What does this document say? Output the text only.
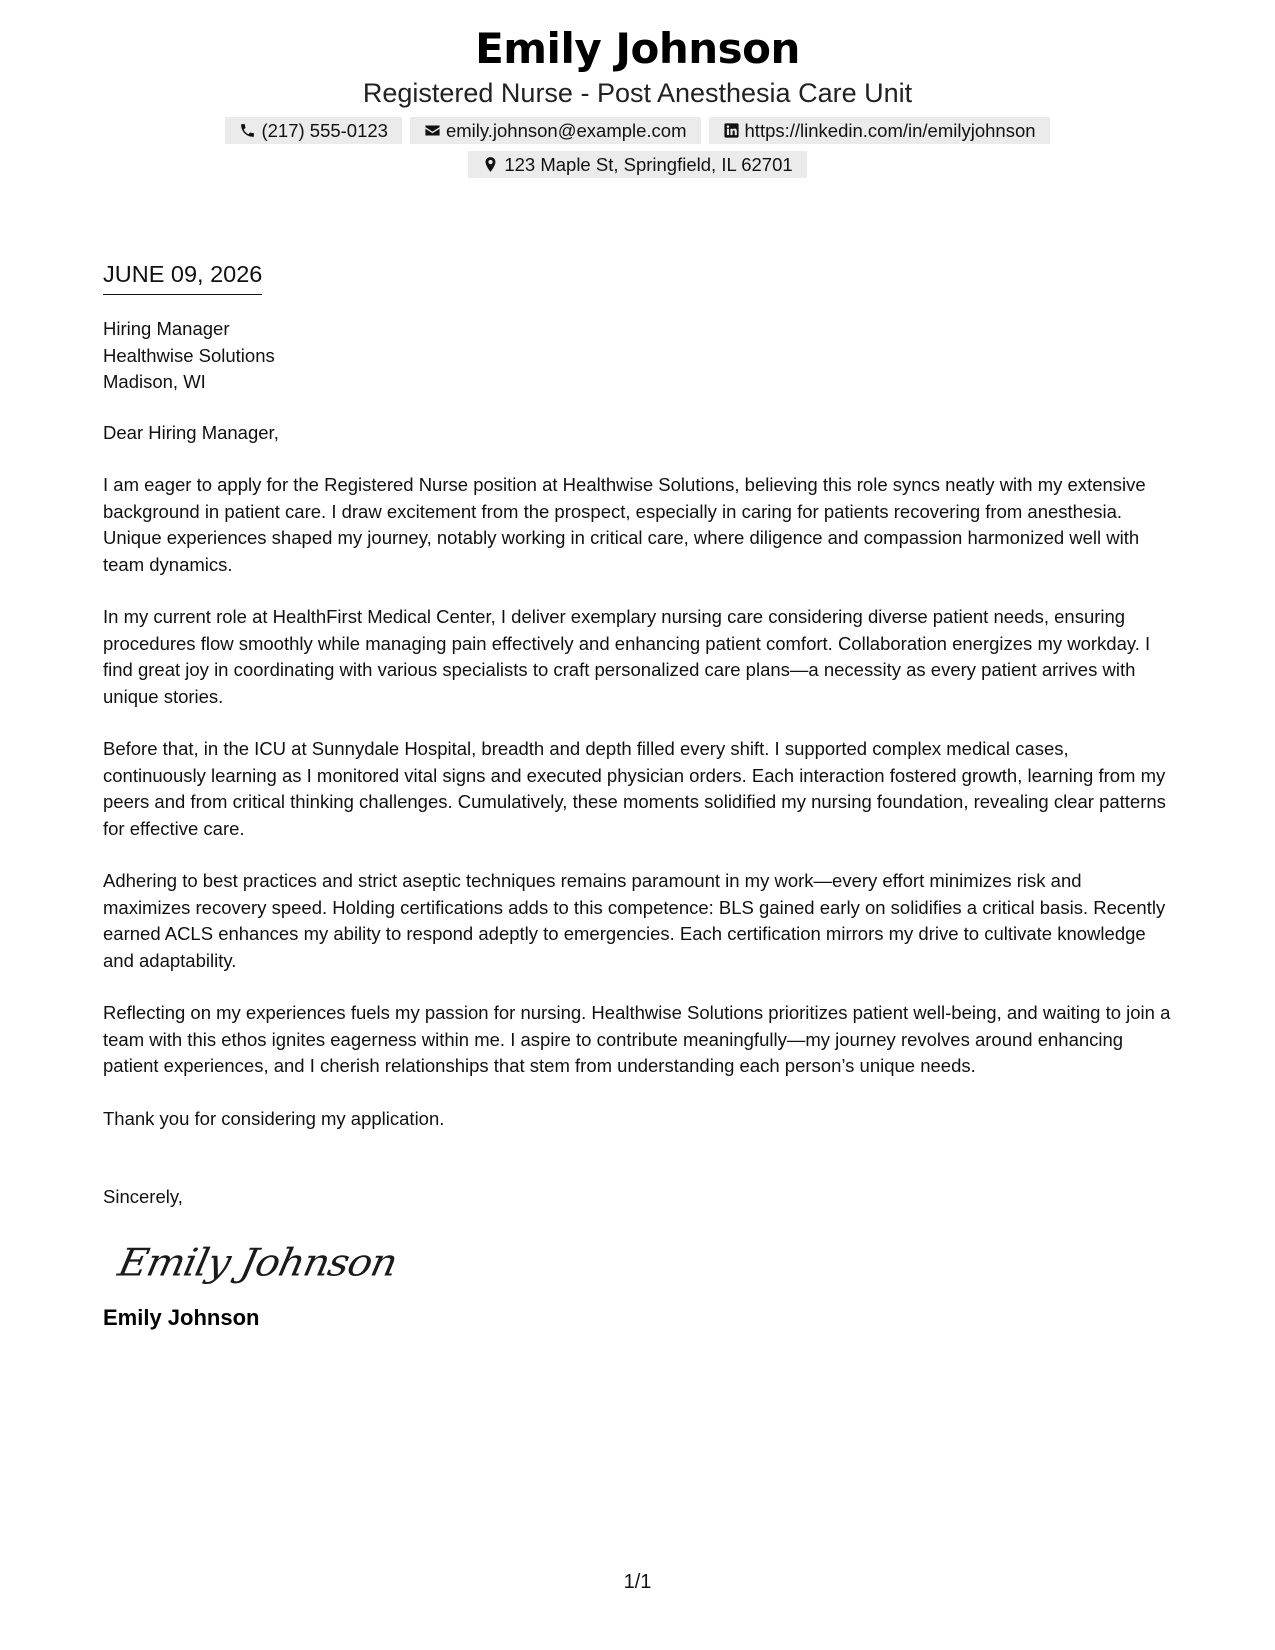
Emily Johnson
Registered Nurse - Post Anesthesia Care Unit
(217) 555-0123	emily.johnson@example.com	https://linkedin.com/in/emilyjohnson
123 Maple St, Springfield, IL 62701
JUNE 09, 2026
Hiring Manager
Healthwise Solutions
Madison, WI

Dear Hiring Manager,

I am eager to apply for the Registered Nurse position at Healthwise Solutions, believing this role syncs neatly with my extensive background in patient care. I draw excitement from the prospect, especially in caring for patients recovering from anesthesia. Unique experiences shaped my journey, notably working in critical care, where diligence and compassion harmonized well with team dynamics.

In my current role at HealthFirst Medical Center, I deliver exemplary nursing care considering diverse patient needs, ensuring procedures flow smoothly while managing pain effectively and enhancing patient comfort. Collaboration energizes my workday. I find great joy in coordinating with various specialists to craft personalized care plans—a necessity as every patient arrives with unique stories.

Before that, in the ICU at Sunnydale Hospital, breadth and depth filled every shift. I supported complex medical cases, continuously learning as I monitored vital signs and executed physician orders. Each interaction fostered growth, learning from my peers and from critical thinking challenges. Cumulatively, these moments solidified my nursing foundation, revealing clear patterns for effective care.

Adhering to best practices and strict aseptic techniques remains paramount in my work—every effort minimizes risk and maximizes recovery speed. Holding certifications adds to this competence: BLS gained early on solidifies a critical basis. Recently earned ACLS enhances my ability to respond adeptly to emergencies. Each certification mirrors my drive to cultivate knowledge and adaptability.

Reflecting on my experiences fuels my passion for nursing. Healthwise Solutions prioritizes patient well-being, and waiting to join a team with this ethos ignites eagerness within me. I aspire to contribute meaningfully—my journey revolves around enhancing patient experiences, and I cherish relationships that stem from understanding each person’s unique needs.

Thank you for considering my application.

Sincerely,

Emily Johnson
Emily Johnson
1/1
